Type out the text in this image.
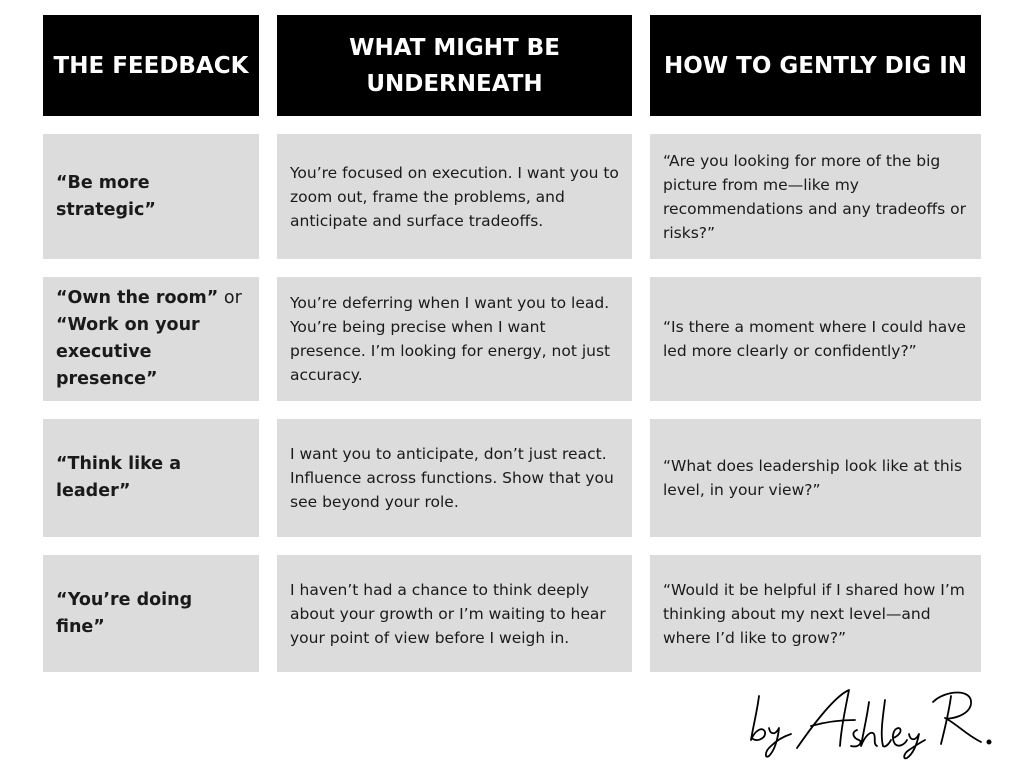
THE FEEDBACK
WHAT MIGHT BE UNDERNEATH
HOW TO GENTLY DIG IN
“Be more strategic”
You’re focused on execution. I want you to zoom out, frame the problems, and anticipate and surface tradeoffs.
“Are you looking for more of the big picture from me—like my recommendations and any tradeoffs or risks?”
“Own the room” or “Work on your executive presence”
You’re deferring when I want you to lead. You’re being precise when I want presence. I’m looking for energy, not just accuracy.
“Is there a moment where I could have led more clearly or confidently?”
“Think like a leader”
I want you to anticipate, don’t just react. Influence across functions. Show that you see beyond your role.
“What does leadership look like at this level, in your view?”
“You’re doing fine”
I haven’t had a chance to think deeply about your growth or I’m waiting to hear your point of view before I weigh in.
“Would it be helpful if I shared how I’m thinking about my next level—and where I’d like to grow?”
